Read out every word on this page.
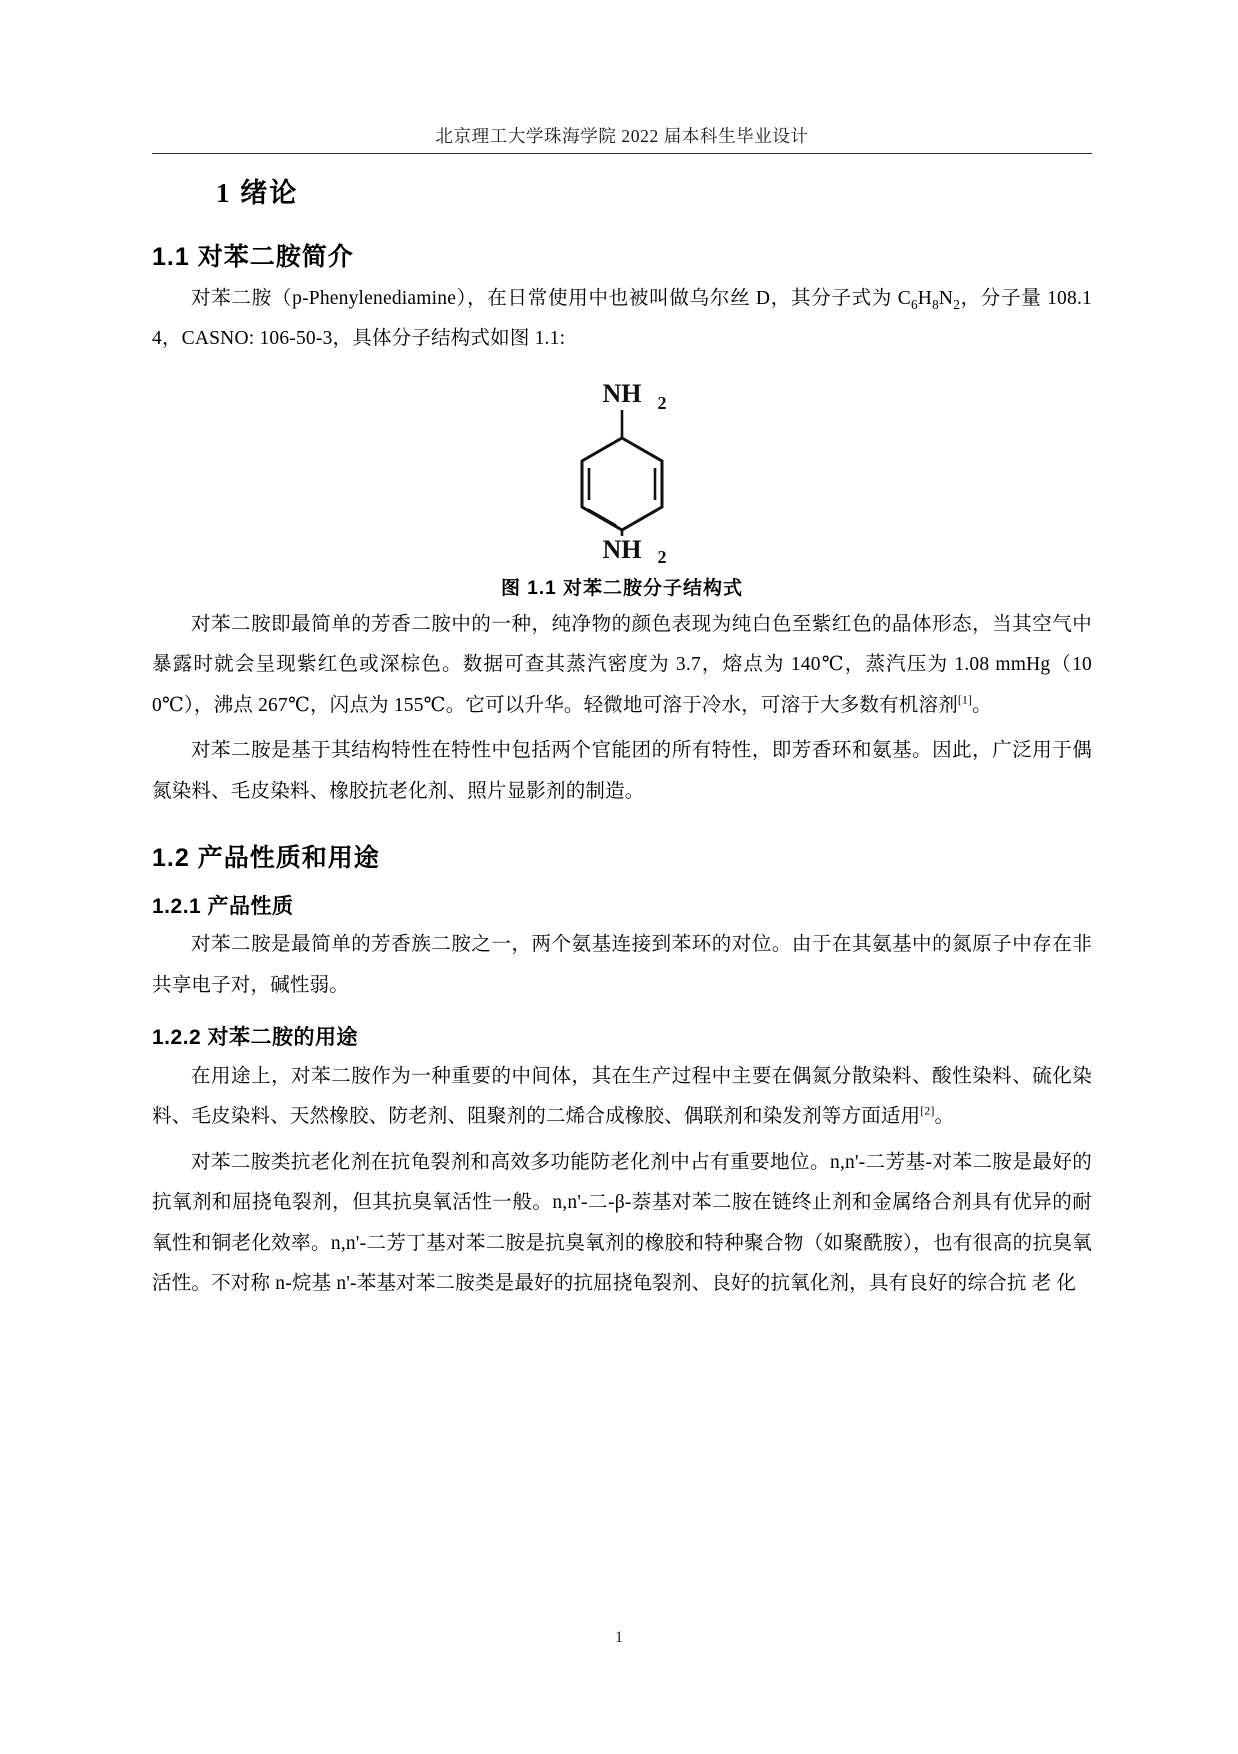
北京理工大学珠海学院 2022 届本科生毕业设计
1 绪论
1.1 对苯二胺简介

对苯二胺（p-Phenylenediamine），在日常使用中也被叫做乌尔丝 D，其分子式为 $C_6H_8N_2$，分子量 108.14，CASNO: 106-50-3，具体分子结构式如图 1.1:

NH 2
NH 2
图 1.1 对苯二胺分子结构式

对苯二胺即最简单的芳香二胺中的一种，纯净物的颜色表现为纯白色至紫红色的晶体形态，当其空气中暴露时就会呈现紫红色或深棕色。数据可查其蒸汽密度为 3.7，熔点为 140℃，蒸汽压为 1.08 mmHg（100℃），沸点 267℃，闪点为 155℃。它可以升华。轻微地可溶于冷水，可溶于大多数有机溶剂[1]。

对苯二胺是基于其结构特性在特性中包括两个官能团的所有特性，即芳香环和氨基。因此，广泛用于偶氮染料、毛皮染料、橡胶抗老化剂、照片显影剂的制造。

1.2 产品性质和用途
1.2.1 产品性质

对苯二胺是最简单的芳香族二胺之一，两个氨基连接到苯环的对位。由于在其氨基中的氮原子中存在非共享电子对，碱性弱。

1.2.2 对苯二胺的用途

在用途上，对苯二胺作为一种重要的中间体，其在生产过程中主要在偶氮分散染料、酸性染料、硫化染料、毛皮染料、天然橡胶、防老剂、阻聚剂的二烯合成橡胶、偶联剂和染发剂等方面适用[2]。

对苯二胺类抗老化剂在抗龟裂剂和高效多功能防老化剂中占有重要地位。n,n'-二芳基-对苯二胺是最好的抗氧剂和屈挠龟裂剂，但其抗臭氧活性一般。n,n'-二-β-萘基对苯二胺在链终止剂和金属络合剂具有优异的耐氧性和铜老化效率。n,n'-二芳丁基对苯二胺是抗臭氧剂的橡胶和特种聚合物（如聚酰胺），也有很高的抗臭氧活性。不对称 n-烷基 n'-苯基对苯二胺类是最好的抗屈挠龟裂剂、良好的抗氧化剂，具有良好的综合抗 老 化

1
